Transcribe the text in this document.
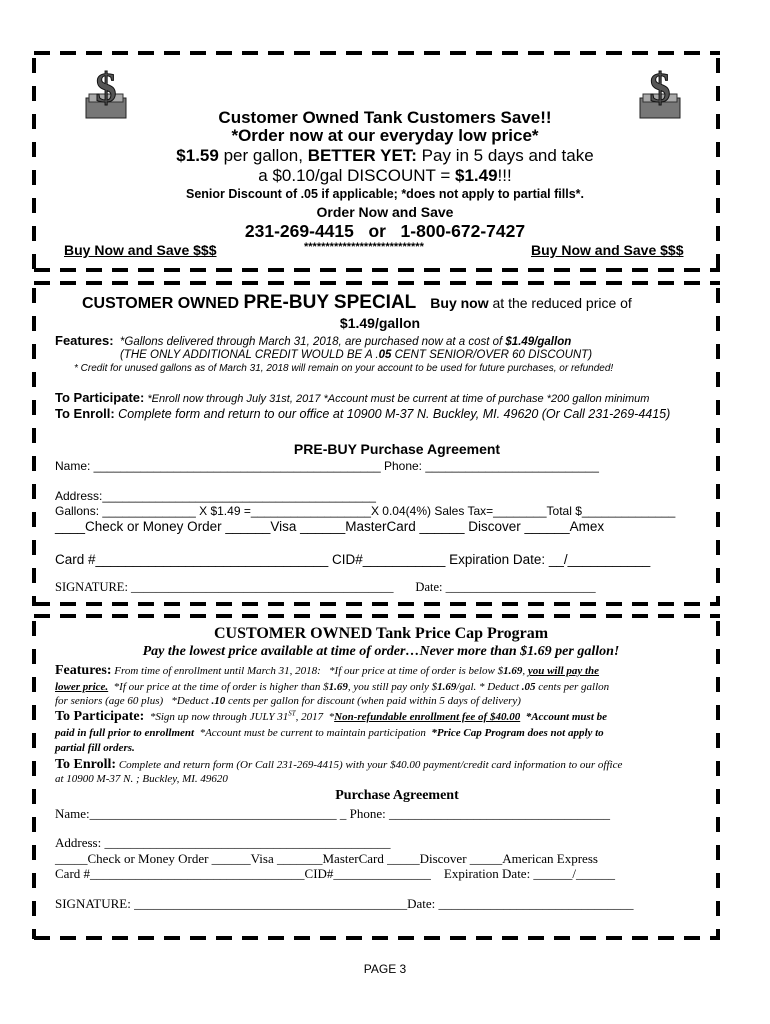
$	$
Customer Owned Tank Customers Save!!
*Order now at our everyday low price*
$1.59 per gallon, BETTER YET: Pay in 5 days and take
a $0.10/gal DISCOUNT = $1.49!!!
Senior Discount of .05 if applicable; *does not apply to partial fills*.
Order Now and Save
231-269-4415   or   1-800-672-7427
Buy Now and Save $$$	****************************	Buy Now and Save $$$
CUSTOMER OWNED PRE-BUY SPECIAL Buy now at the reduced price of
$1.49/gallon
Features:  *Gallons delivered through March 31, 2018, are purchased now at a cost of $1.49/gallon
(THE ONLY ADDITIONAL CREDIT WOULD BE A .05 CENT SENIOR/OVER 60 DISCOUNT)
* Credit for unused gallons as of March 31, 2018 will remain on your account to be used for future purchases, or refunded!
To Participate: *Enroll now through July 31st, 2017 *Account must be current at time of purchase *200 gallon minimum
To Enroll: Complete form and return to our office at 10900 M-37 N. Buckley, MI. 49620 (Or Call 231-269-4415)
PRE-BUY Purchase Agreement
Name: ___________________________________________ Phone: __________________________
Address:_________________________________________
Gallons: ______________ X $1.49 =__________________X 0.04(4%) Sales Tax=________Total $______________
____Check or Money Order ______Visa ______MasterCard ______ Discover ______Amex
Card #_______________________________ CID#___________ Expiration Date: __/___________
SIGNATURE: __________________________________________       Date: ________________________
CUSTOMER OWNED Tank Price Cap Program
Pay the lowest price available at time of order…Never more than $1.69 per gallon!
Features: From time of enrollment until March 31, 2018:   *If our price at time of order is below $1.69, you will pay the
lower price.  *If our price at the time of order is higher than $1.69, you still pay only $1.69/gal. * Deduct .05 cents per gallon
for seniors (age 60 plus)   *Deduct .10 cents per gallon for discount (when paid within 5 days of delivery)
To Participate:  *Sign up now through JULY 31ST, 2017  *Non-refundable enrollment fee of $40.00  *Account must be
paid in full prior to enrollment  *Account must be current to maintain participation  *Price Cap Program does not apply to
partial fill orders.
To Enroll: Complete and return form (Or Call 231-269-4415) with your $40.00 payment/credit card information to our office
at 10900 M-37 N. ; Buckley, MI. 49620
Purchase Agreement
Name:______________________________________ _ Phone: __________________________________
Address: ____________________________________________
_____Check or Money Order ______Visa _______MasterCard _____Discover _____American Express
Card #_________________________________CID#_______________    Expiration Date: ______/______
SIGNATURE: __________________________________________Date: ______________________________
PAGE 3
